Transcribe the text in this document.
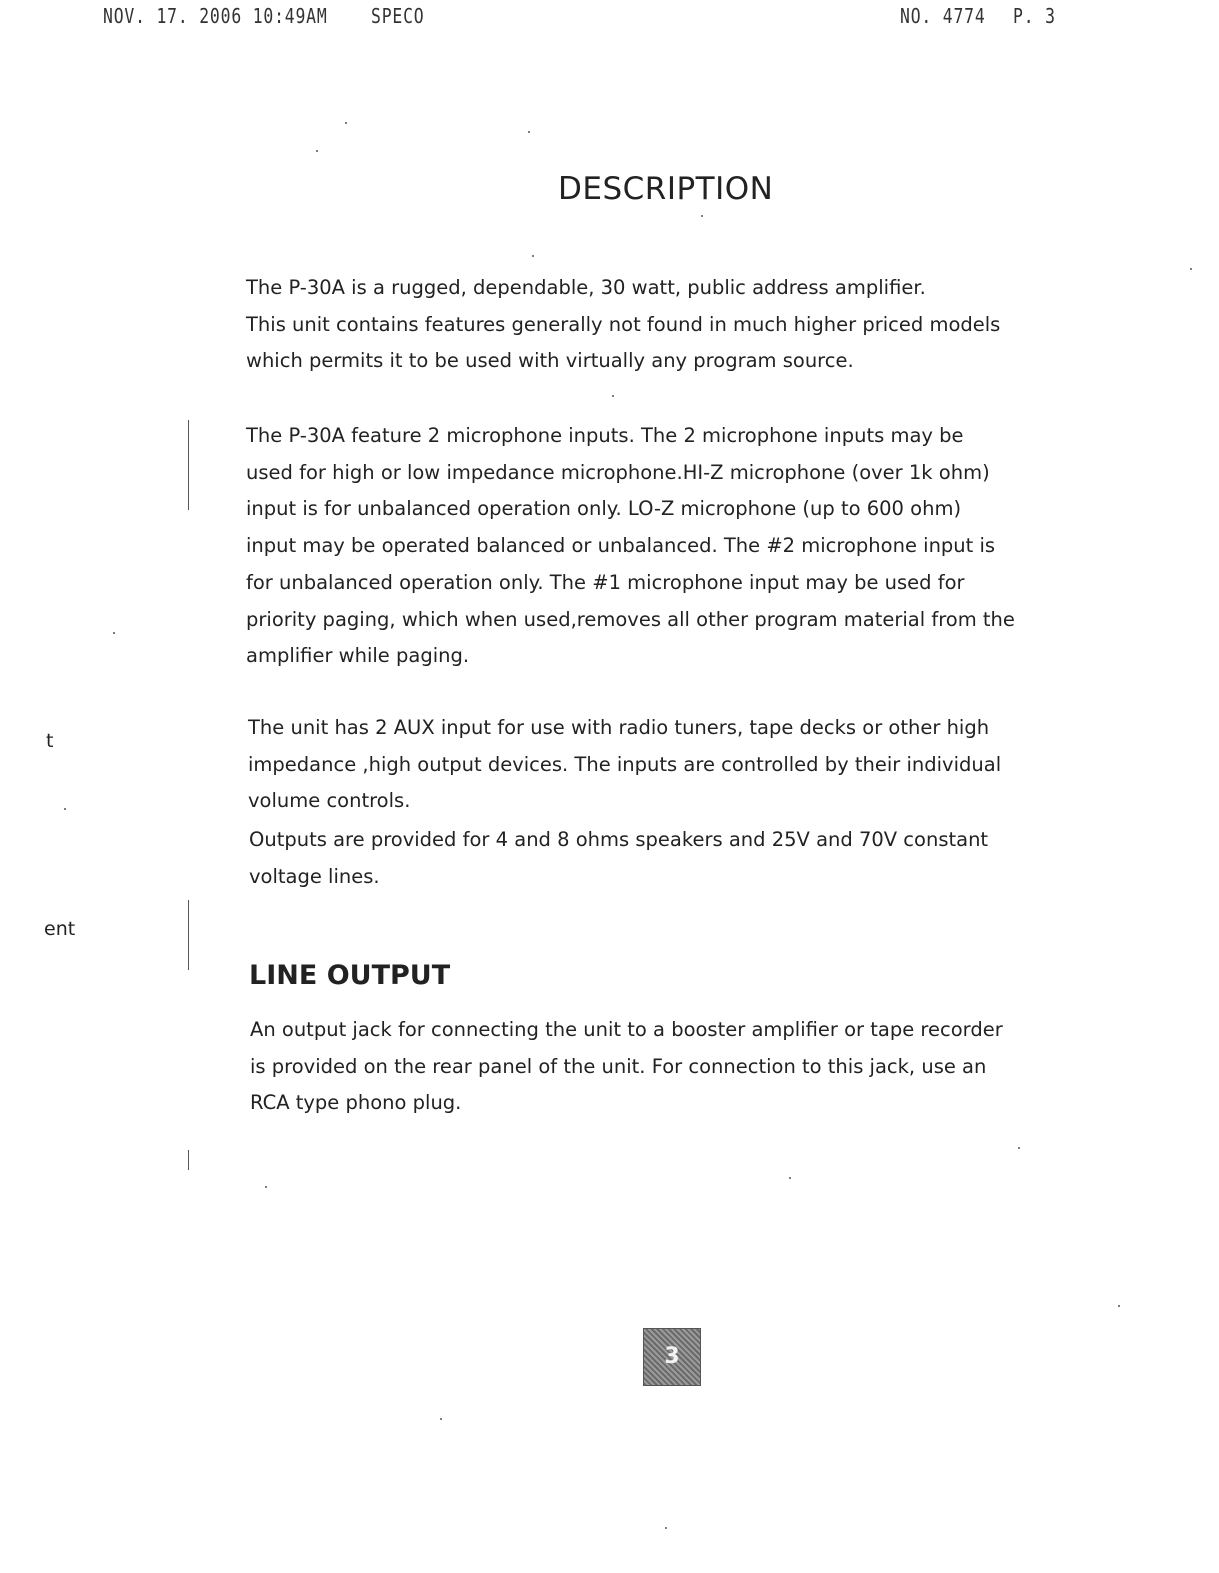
NOV. 17. 2006 10:49AM SPECO	NO. 4774 P. 3
t
ent
DESCRIPTION

The P-30A is a rugged, dependable, 30 watt, public address amplifier.
This unit contains features generally not found in much higher priced models
which permits it to be used with virtually any program source.

The P-30A feature 2 microphone inputs. The 2 microphone inputs may be
used for high or low impedance microphone.HI-Z microphone (over 1k ohm)
input is for unbalanced operation only. LO-Z microphone (up to 600 ohm)
input may be operated balanced or unbalanced. The #2 microphone input is
for unbalanced operation only. The #1 microphone input may be used for
priority paging, which when used,removes all other program material from the
amplifier while paging.

The unit has 2 AUX input for use with radio tuners, tape decks or other high
impedance ,high output devices. The inputs are controlled by their individual
volume controls.

Outputs are provided for 4 and 8 ohms speakers and 25V and 70V constant
voltage lines.

LINE OUTPUT

An output jack for connecting the unit to a booster amplifier or tape recorder
is provided on the rear panel of the unit. For connection to this jack, use an
RCA type phono plug.

3
